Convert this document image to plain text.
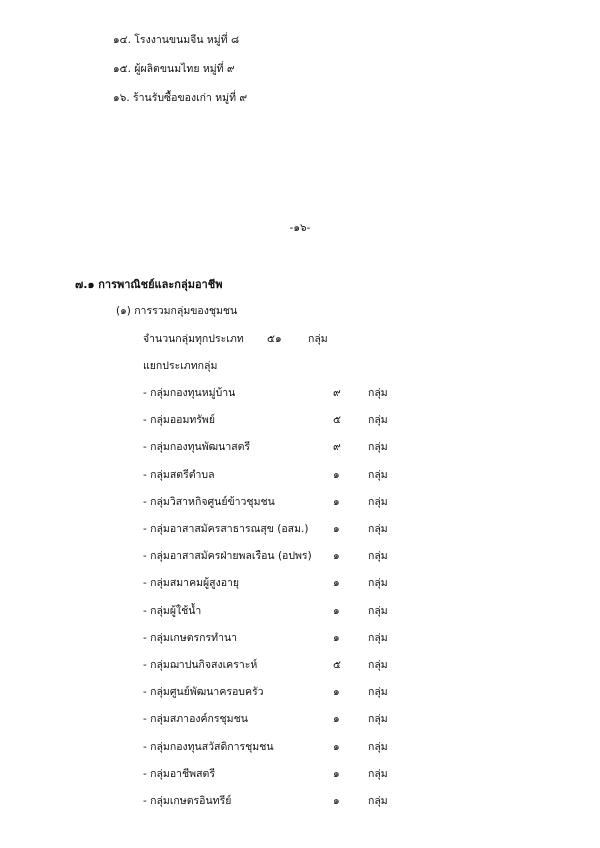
๑๔. โรงงานขนมจีน หมู่ที่ ๘
๑๕. ผู้ผลิตขนมไทย หมู่ที่ ๙
๑๖. ร้านรับซื้อของเก่า หมู่ที่ ๙
-๑๖-
๗.๑ การพาณิชย์และกลุ่มอาชีพ
(๑) การรวมกลุ่มของชุมชน
จำนวนกลุ่มทุกประเภท ๕๑	กลุ่ม
แยกประเภทกลุ่ม
- กลุ่มกองทุนหมู่บ้าน	๙	กลุ่ม
- กลุ่มออมทรัพย์	๕	กลุ่ม
- กลุ่มกองทุนพัฒนาสตรี	๙	กลุ่ม
- กลุ่มสตรีตำบล	๑	กลุ่ม
- กลุ่มวิสาหกิจศูนย์ข้าวชุมชน	๑	กลุ่ม
- กลุ่มอาสาสมัครสาธารณสุข (อสม.) ๑	กลุ่ม
- กลุ่มอาสาสมัครฝ่ายพลเรือน (อปพร) ๑	กลุ่ม
- กลุ่มสมาคมผู้สูงอายุ	๑	กลุ่ม
- กลุ่มผู้ใช้น้ำ	๑	กลุ่ม
- กลุ่มเกษตรกรทำนา	๑	กลุ่ม
- กลุ่มฌาปนกิจสงเคราะห์	๕	กลุ่ม
- กลุ่มศูนย์พัฒนาครอบครัว	๑	กลุ่ม
- กลุ่มสภาองค์กรชุมชน	๑	กลุ่ม
- กลุ่มกองทุนสวัสดิการชุมชน	๑	กลุ่ม
- กลุ่มอาชีพสตรี	๑	กลุ่ม
- กลุ่มเกษตรอินทรีย์	๑	กลุ่ม
